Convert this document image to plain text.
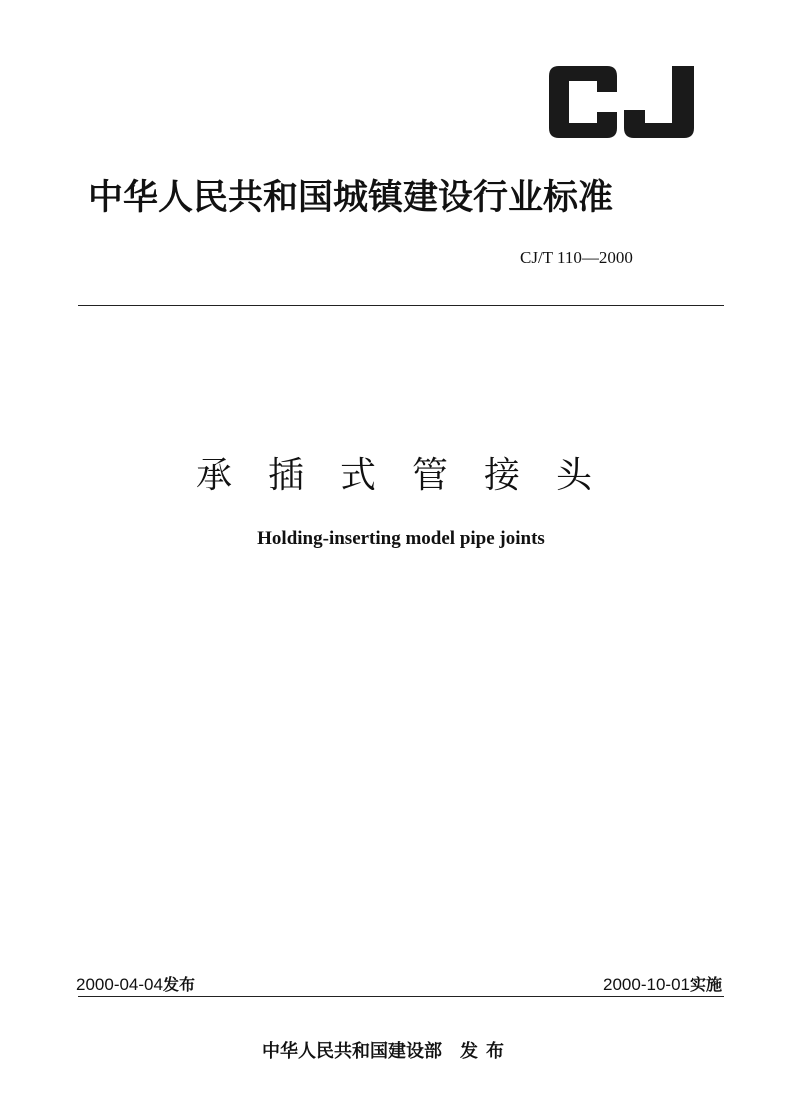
中华人民共和国城镇建设行业标准
CJ/T 110—2000
承插式管接头
Holding-inserting model pipe joints
2000-04-04发布	2000-10-01实施
中华人民共和国建设部 发布
